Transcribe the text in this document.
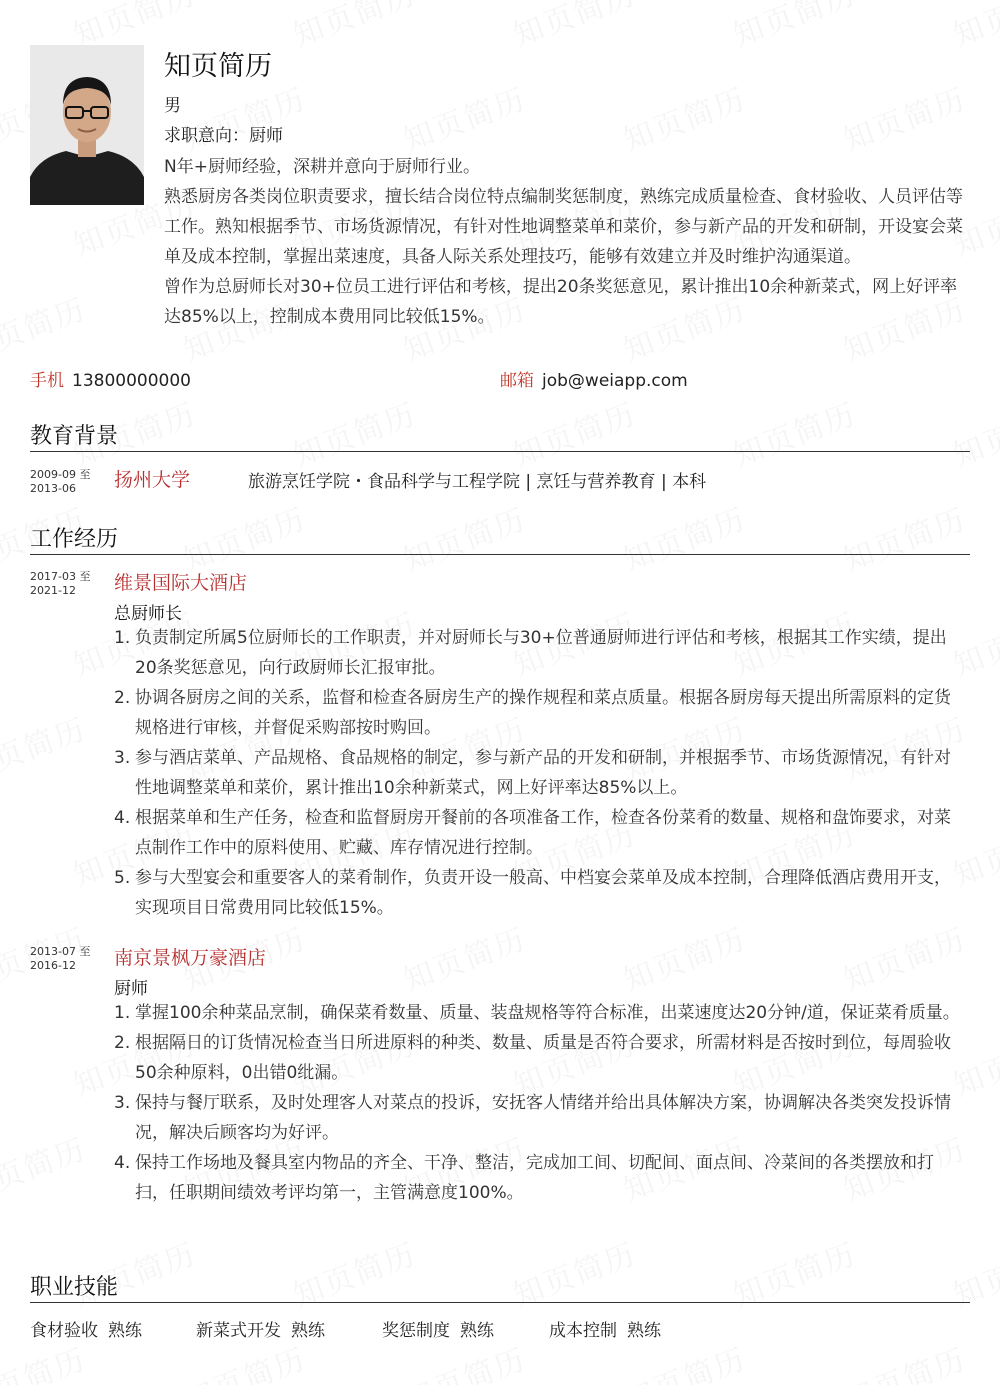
知页简历
男
求职意向：厨师

N年+厨师经验，深耕并意向于厨师行业。

熟悉厨房各类岗位职责要求，擅长结合岗位特点编制奖惩制度，熟练完成质量检查、食材验收、人员评估等工作。熟知根据季节、市场货源情况，有针对性地调整菜单和菜价，参与新产品的开发和研制，开设宴会菜单及成本控制，掌握出菜速度，具备人际关系处理技巧，能够有效建立并及时维护沟通渠道。

曾作为总厨师长对30+位员工进行评估和考核，提出20条奖惩意见，累计推出10余种新菜式，网上好评率达85%以上，控制成本费用同比较低15%。

手机 13800000000	邮箱 job@weiapp.com
教育背景
2009-09 至
2013-06	扬州大学	旅游烹饪学院・食品科学与工程学院 | 烹饪与营养教育 | 本科
工作经历
2017-03 至
2021-12	维景国际大酒店
总厨师长
1. 负责制定所属5位厨师长的工作职责，并对厨师长与30+位普通厨师进行评估和考核，根据其工作实绩，提出20条奖惩意见，向行政厨师长汇报审批。
2. 协调各厨房之间的关系，监督和检查各厨房生产的操作规程和菜点质量。根据各厨房每天提出所需原料的定货规格进行审核，并督促采购部按时购回。
3. 参与酒店菜单、产品规格、食品规格的制定，参与新产品的开发和研制，并根据季节、市场货源情况，有针对性地调整菜单和菜价，累计推出10余种新菜式，网上好评率达85%以上。
4. 根据菜单和生产任务，检查和监督厨房开餐前的各项准备工作，检查各份菜肴的数量、规格和盘饰要求，对菜点制作工作中的原料使用、贮藏、库存情况进行控制。
5. 参与大型宴会和重要客人的菜肴制作，负责开设一般高、中档宴会菜单及成本控制，合理降低酒店费用开支，实现项目日常费用同比较低15%。
2013-07 至
2016-12	南京景枫万豪酒店
厨师
1. 掌握100余种菜品烹制，确保菜肴数量、质量、装盘规格等符合标准，出菜速度达20分钟/道，保证菜肴质量。
2. 根据隔日的订货情况检查当日所进原料的种类、数量、质量是否符合要求，所需材料是否按时到位，每周验收50余种原料，0出错0纰漏。
3. 保持与餐厅联系，及时处理客人对菜点的投诉，安抚客人情绪并给出具体解决方案，协调解决各类突发投诉情况，解决后顾客均为好评。
4. 保持工作场地及餐具室内物品的齐全、干净、整洁，完成加工间、切配间、面点间、冷菜间的各类摆放和打扫，任职期间绩效考评均第一，主管满意度100%。
职业技能
食材验收 熟练	新菜式开发 熟练	奖惩制度 熟练	成本控制 熟练
